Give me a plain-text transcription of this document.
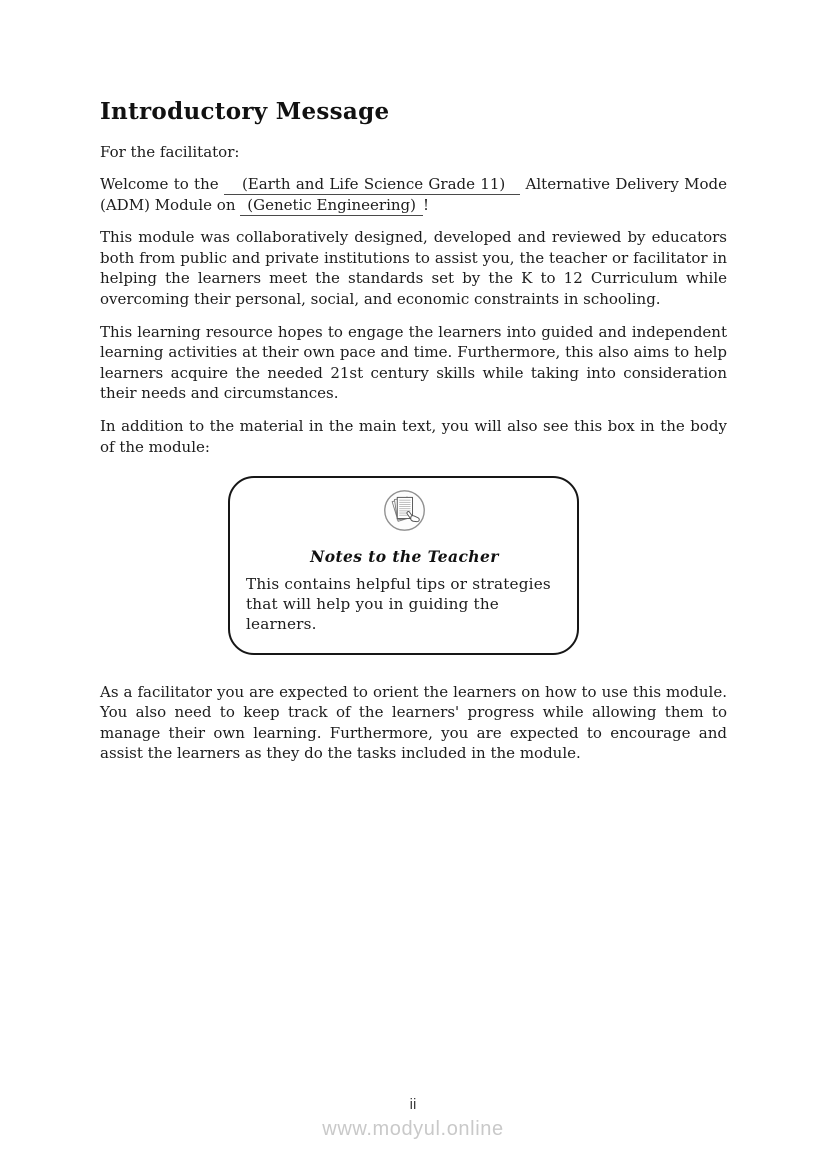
Introductory Message
For the facilitator:

Welcome to the (Earth and Life Science Grade 11) Alternative Delivery Mode (ADM) Module on (Genetic Engineering) !

This module was collaboratively designed, developed and reviewed by educators both from public and private institutions to assist you, the teacher or facilitator in helping the learners meet the standards set by the K to 12 Curriculum while overcoming their personal, social, and economic constraints in schooling.

This learning resource hopes to engage the learners into guided and independent learning activities at their own pace and time. Furthermore, this also aims to help learners acquire the needed 21st century skills while taking into consideration their needs and circumstances.

In addition to the material in the main text, you will also see this box in the body of the module:

Notes to the Teacher
This contains helpful tips or strategies that will help you in guiding the learners.

As a facilitator you are expected to orient the learners on how to use this module. You also need to keep track of the learners' progress while allowing them to manage their own learning. Furthermore, you are expected to encourage and assist the learners as they do the tasks included in the module.

ii
www.modyul.online
